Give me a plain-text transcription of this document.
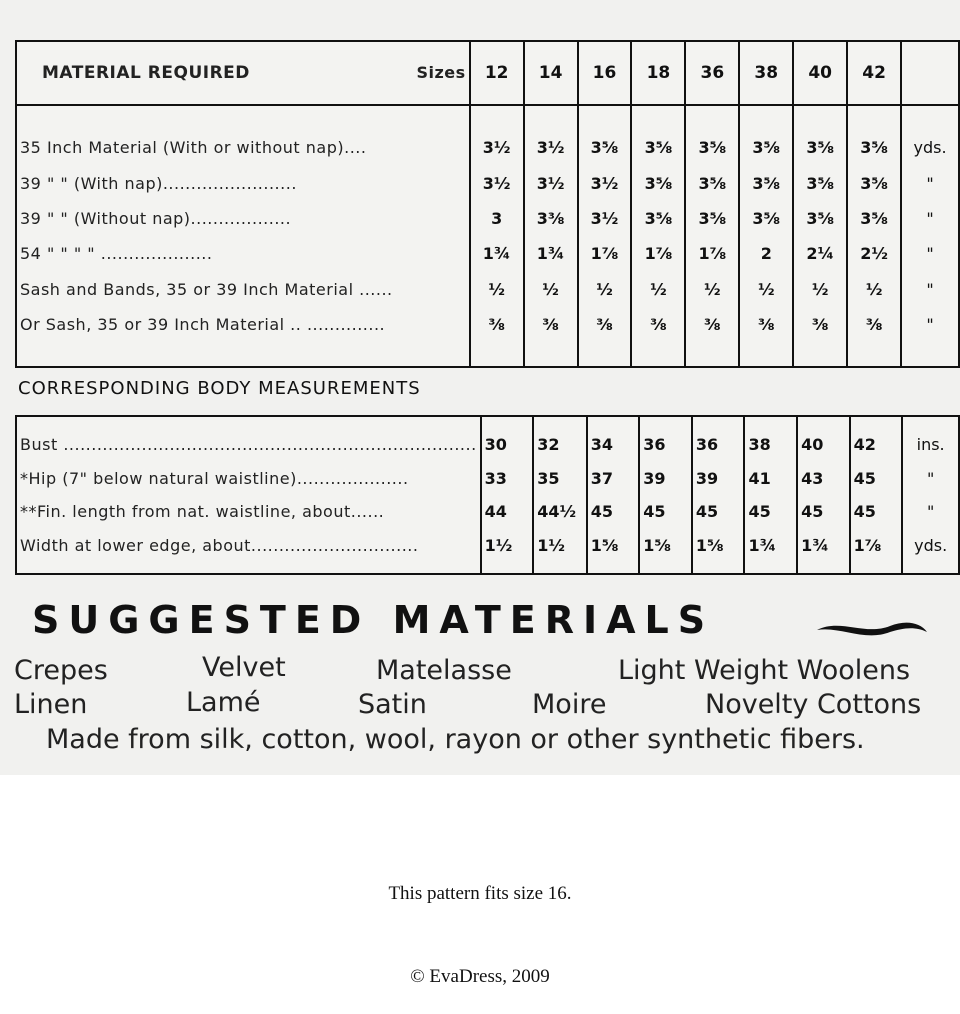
MATERIAL REQUIRED Sizes	12	14	16	18	36	38	40	42	

35 Inch Material (With or without nap)....	3½	3½	3⅝	3⅝	3⅝	3⅝	3⅝	3⅝	yds.
39 " " (With nap)........................	3½	3½	3½	3⅝	3⅝	3⅝	3⅝	3⅝	"
39 " " (Without nap)..................	3	3⅜	3½	3⅝	3⅝	3⅝	3⅝	3⅝	"
54 " " " " ....................	1¾	1¾	1⅞	1⅞	1⅞	2	2¼	2½	"
Sash and Bands, 35 or 39 Inch Material ......	½	½	½	½	½	½	½	½	"
Or Sash, 35 or 39 Inch Material .. ..............	⅜	⅜	⅜	⅜	⅜	⅜	⅜	⅜	"

CORRESPONDING BODY MEASUREMENTS

Bust ..........................................................................	30	32	34	36	36	38	40	42	ins.
*Hip (7" below natural waistline)....................	33	35	37	39	39	41	43	45	"
**Fin. length from nat. waistline, about......	44	44½	45	45	45	45	45	45	"
Width at lower edge, about..............................	1½	1½	1⅝	1⅝	1⅝	1¾	1¾	1⅞	yds.

SUGGESTED MATERIALS
Crepes	Velvet	Matelasse	Light Weight Woolens
Linen	Lamé	Satin	Moire	Novelty Cottons
Made from silk, cotton, wool, rayon or other synthetic fibers.
This pattern fits size 16.
© EvaDress, 2009
